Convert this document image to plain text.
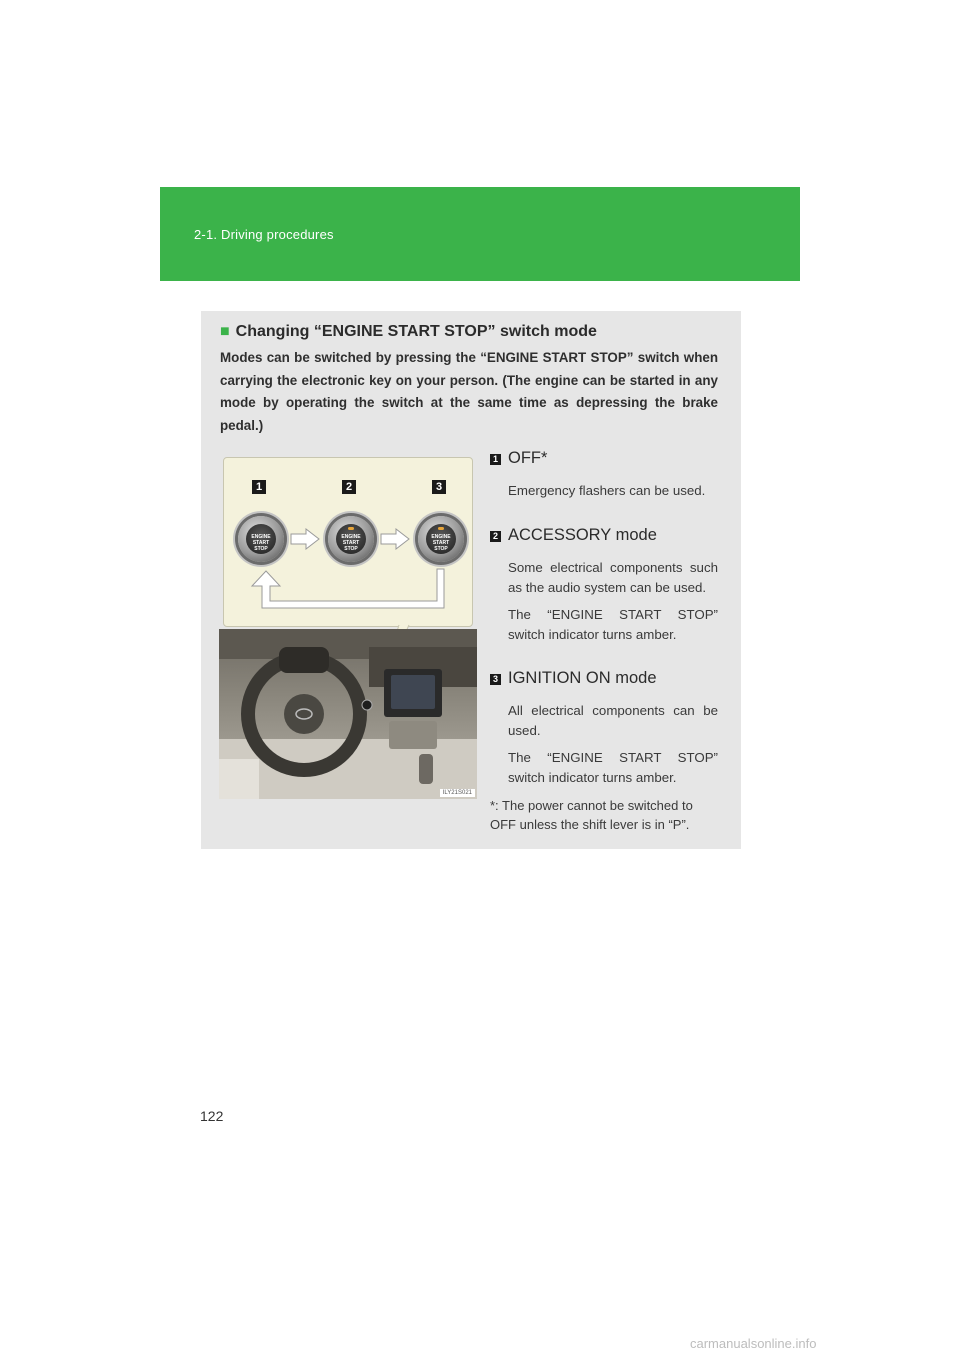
2-1. Driving procedures
■ Changing “ENGINE START STOP” switch mode
Modes can be switched by pressing the “ENGINE START STOP” switch when carrying the electronic key on your person. (The engine can be started in any mode by operating the switch at the same time as depressing the brake pedal.)
1	2	3
ENGINE
START
STOP
ENGINE
START
STOP
ENGINE
START
STOP
ILY21S021
1 OFF*

Emergency flashers can be used.

2 ACCESSORY mode

Some electrical components such as the audio system can be used.

The “ENGINE START STOP” switch indicator turns amber.

3 IGNITION ON mode

All electrical components can be used.

The “ENGINE START STOP” switch indicator turns amber.

*: The power cannot be switched to OFF unless the shift lever is in “P”.
122
carmanualsonline.info
